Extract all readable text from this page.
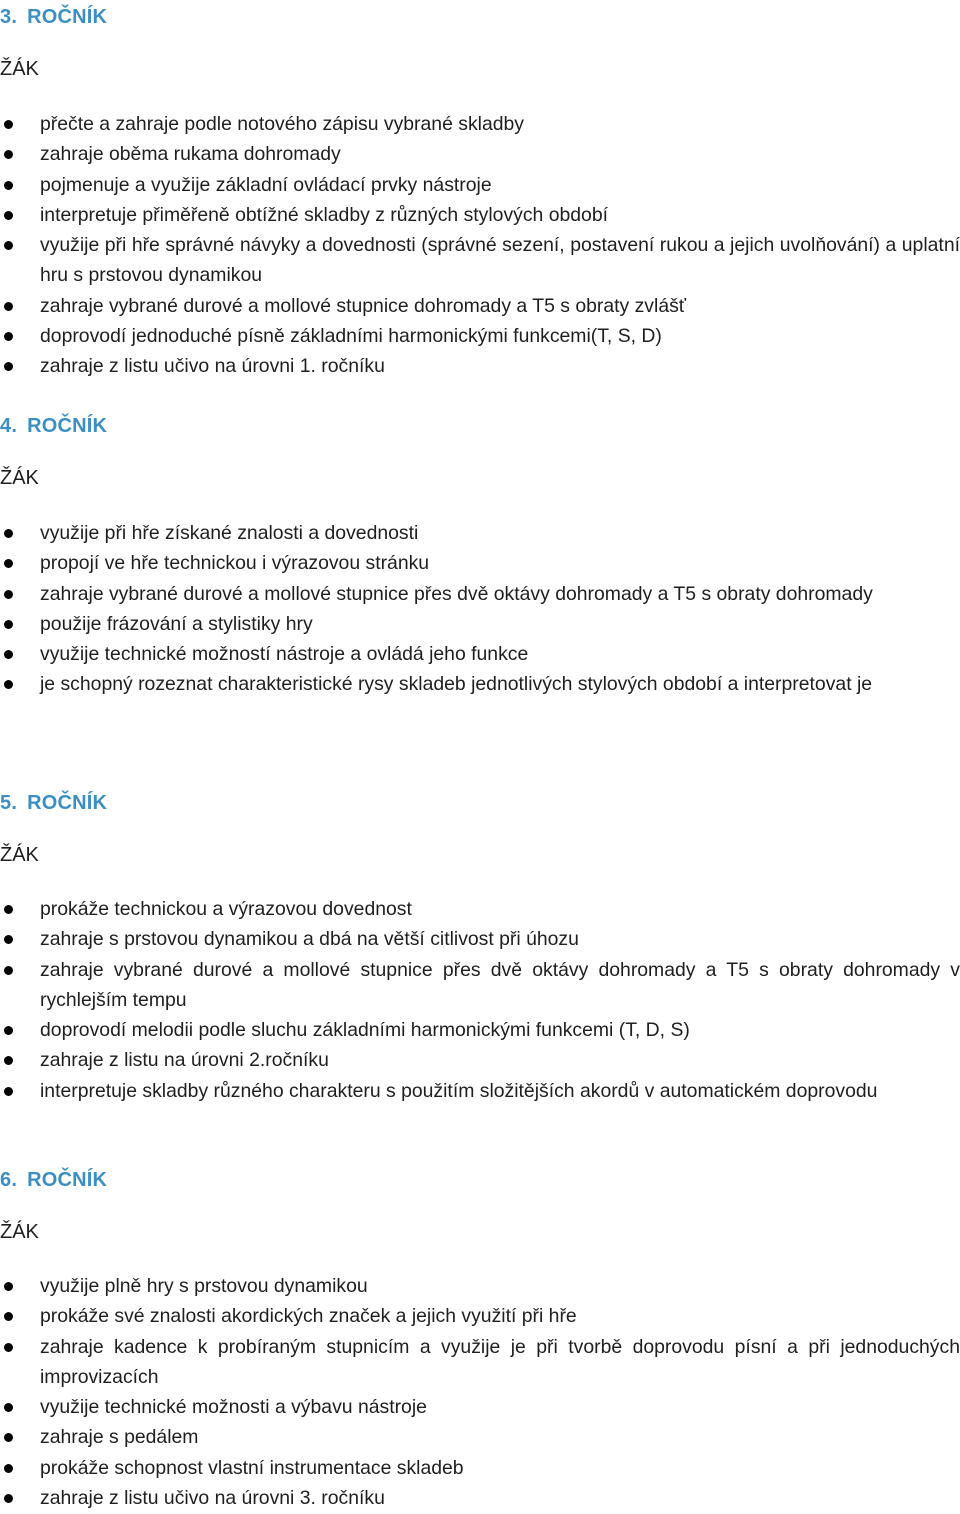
3. ROČNÍK
ŽÁK
přečte a zahraje podle notového zápisu vybrané skladby
zahraje oběma rukama dohromady
pojmenuje a využije základní ovládací prvky nástroje
interpretuje přiměřeně obtížné skladby z různých stylových období
využije při hře správné návyky a dovednosti (správné sezení, postavení rukou a jejich uvolňování) a uplatní hru s prstovou dynamikou
zahraje vybrané durové a mollové stupnice dohromady a T5 s obraty zvlášť
doprovodí jednoduché písně základními harmonickými funkcemi(T, S, D)
zahraje z listu učivo na úrovni 1. ročníku
4. ROČNÍK
ŽÁK
využije při hře získané znalosti a dovednosti
propojí ve hře technickou i výrazovou stránku
zahraje vybrané durové a mollové stupnice přes dvě oktávy dohromady a T5 s obraty dohromady
použije frázování a stylistiky hry
využije technické možností nástroje a ovládá jeho funkce
je schopný rozeznat charakteristické rysy skladeb jednotlivých stylových období a interpretovat je
5. ROČNÍK
ŽÁK
prokáže technickou a výrazovou dovednost
zahraje s prstovou dynamikou a dbá na větší citlivost při úhozu
zahraje vybrané durové a mollové stupnice přes dvě oktávy dohromady a T5 s obraty dohromady v rychlejším tempu
doprovodí melodii podle sluchu základními harmonickými funkcemi (T, D, S)
zahraje z listu na úrovni 2.ročníku
interpretuje skladby různého charakteru s použitím složitějších akordů v automatickém doprovodu
6. ROČNÍK
ŽÁK
využije plně hry s prstovou dynamikou
prokáže své znalosti akordických značek a jejich využití při hře
zahraje kadence k probíraným stupnicím a využije je při tvorbě doprovodu písní a při jednoduchých improvizacích
využije technické možnosti a výbavu nástroje
zahraje s pedálem
prokáže schopnost vlastní instrumentace skladeb
zahraje z listu učivo na úrovni 3. ročníku
